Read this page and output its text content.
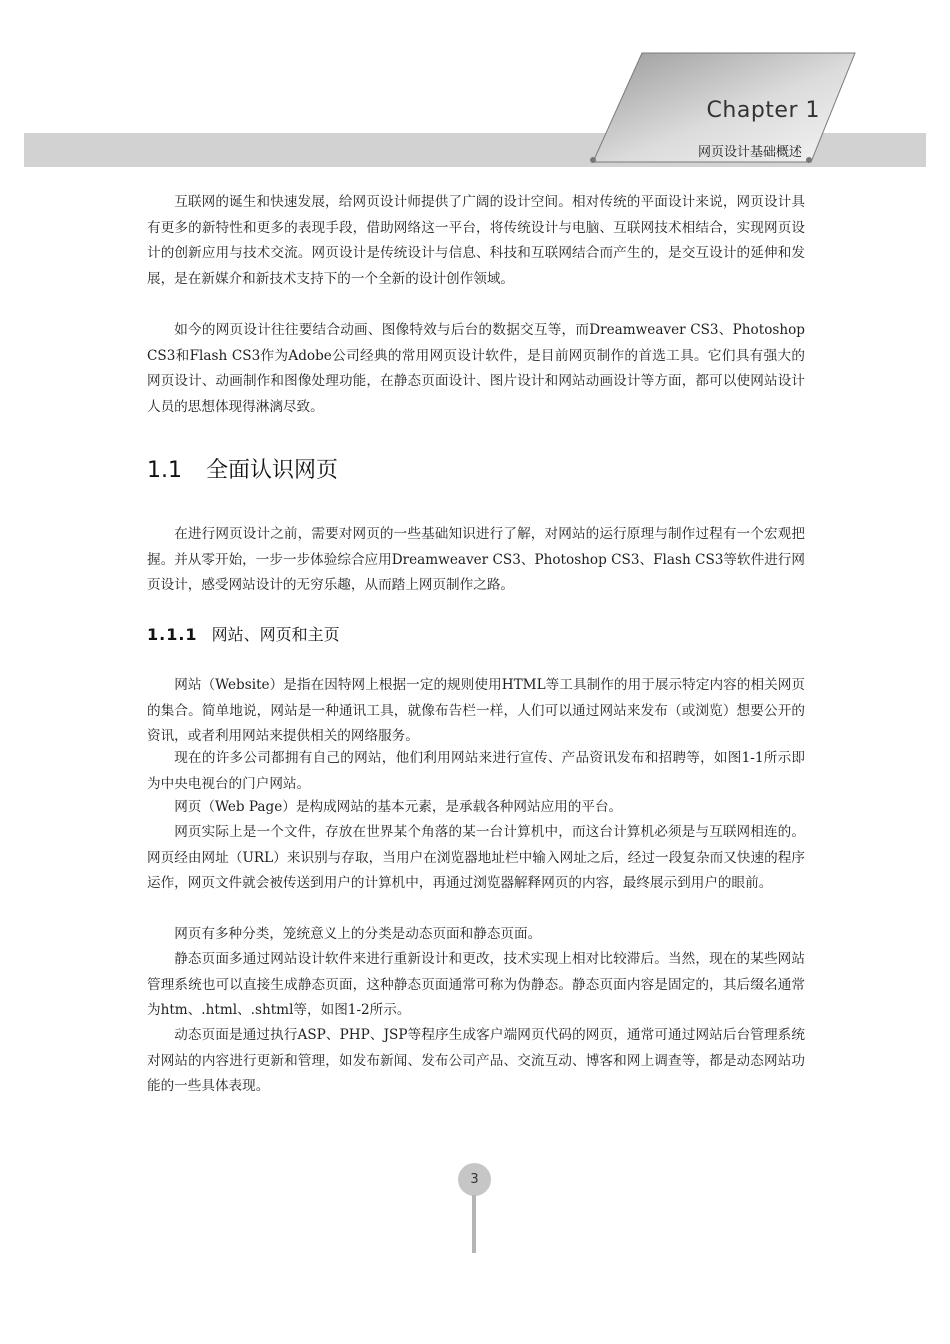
Chapter 1
网页设计基础概述

互联网的诞生和快速发展，给网页设计师提供了广阔的设计空间。相对传统的平面设计来说，网页设计具有更多的新特性和更多的表现手段，借助网络这一平台，将传统设计与电脑、互联网技术相结合，实现网页设计的创新应用与技术交流。网页设计是传统设计与信息、科技和互联网结合而产生的，是交互设计的延伸和发展，是在新媒介和新技术支持下的一个全新的设计创作领域。

如今的网页设计往往要结合动画、图像特效与后台的数据交互等，而Dreamweaver CS3、Photoshop CS3和Flash CS3作为Adobe公司经典的常用网页设计软件，是目前网页制作的首选工具。它们具有强大的网页设计、动画制作和图像处理功能，在静态页面设计、图片设计和网站动画设计等方面，都可以使网站设计人员的思想体现得淋漓尽致。

1.1 全面认识网页

在进行网页设计之前，需要对网页的一些基础知识进行了解，对网站的运行原理与制作过程有一个宏观把握。并从零开始，一步一步体验综合应用Dreamweaver CS3、Photoshop CS3、Flash CS3等软件进行网页设计，感受网站设计的无穷乐趣，从而踏上网页制作之路。

1.1.1 网站、网页和主页

网站（Website）是指在因特网上根据一定的规则使用HTML等工具制作的用于展示特定内容的相关网页的集合。简单地说，网站是一种通讯工具，就像布告栏一样，人们可以通过网站来发布（或浏览）想要公开的资讯，或者利用网站来提供相关的网络服务。

现在的许多公司都拥有自己的网站，他们利用网站来进行宣传、产品资讯发布和招聘等，如图1-1所示即为中央电视台的门户网站。

网页（Web Page）是构成网站的基本元素，是承载各种网站应用的平台。

网页实际上是一个文件，存放在世界某个角落的某一台计算机中，而这台计算机必须是与互联网相连的。网页经由网址（URL）来识别与存取，当用户在浏览器地址栏中输入网址之后，经过一段复杂而又快速的程序运作，网页文件就会被传送到用户的计算机中，再通过浏览器解释网页的内容，最终展示到用户的眼前。

网页有多种分类，笼统意义上的分类是动态页面和静态页面。

静态页面多通过网站设计软件来进行重新设计和更改，技术实现上相对比较滞后。当然，现在的某些网站管理系统也可以直接生成静态页面，这种静态页面通常可称为伪静态。静态页面内容是固定的，其后缀名通常为htm、.html、.shtml等，如图1-2所示。

动态页面是通过执行ASP、PHP、JSP等程序生成客户端网页代码的网页，通常可通过网站后台管理系统对网站的内容进行更新和管理，如发布新闻、发布公司产品、交流互动、博客和网上调查等，都是动态网站功能的一些具体表现。

3
